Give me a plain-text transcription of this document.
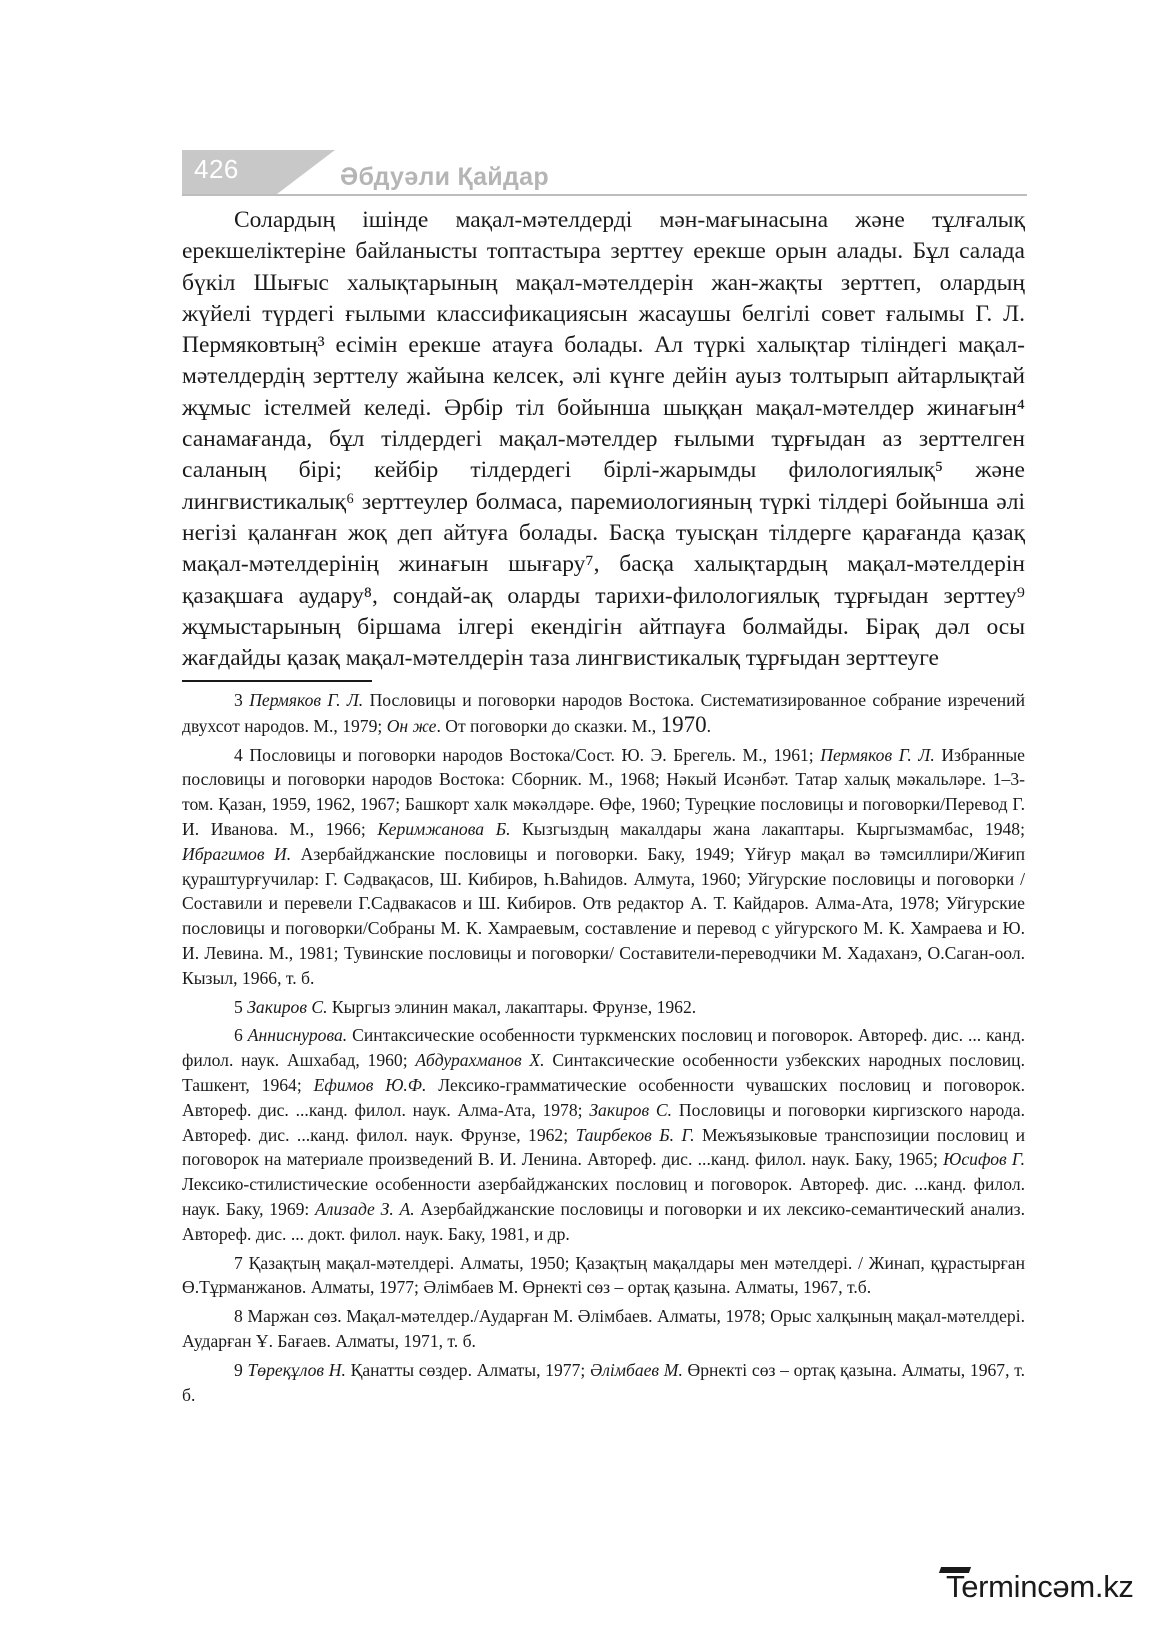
426	Әбдуәли Қайдар

Солардың ішінде мақал-мәтелдерді мән-мағынасына және тұлғалық ерекшеліктеріне байланысты топтастыра зерттеу ерекше орын алады. Бұл салада бүкіл Шығыс халықтарының мақал-мәтелдерін жан-жақты зерттеп, олардың жүйелі түрдегі ғылыми классификациясын жасаушы белгілі совет ғалымы Г. Л. Пермяковтың³ есімін ерекше атауға болады. Ал түркі халықтар тіліндегі мақал-мәтелдердің зерттелу жайына келсек, әлі күнге дейін ауыз толтырып айтарлықтай жұмыс істелмей келеді. Әрбір тіл бойынша шыққан мақал-мәтелдер жинағын⁴ санамағанда, бұл тілдердегі мақал-мәтелдер ғылыми тұрғыдан аз зерттелген саланың бірі; кейбір тілдердегі бірлі-жарымды филологиялық⁵ және лингвистикалық⁶ зерттеулер болмаса, паремиологияның түркі тілдері бойынша әлі негізі қаланған жоқ деп айтуға болады. Басқа туысқан тілдерге қарағанда қазақ мақал-мәтелдерінің жинағын шығару⁷, басқа халықтардың мақал-мәтелдерін қазақшаға аудару⁸, сондай-ақ оларды тарихи-филологиялық тұрғыдан зерттеу⁹ жұмыстарының біршама ілгері екендігін айтпауға болмайды. Бірақ дәл осы жағдайды қазақ мақал-мәтелдерін таза лингвистикалық тұрғыдан зерттеуге

3 Пермяков Г. Л. Пословицы и поговорки народов Востока. Систематизированное собрание изречений двухсот народов. М., 1979; Он же. От поговорки до сказки. М., 1970.

4 Пословицы и поговорки народов Востока/Сост. Ю. Э. Брегель. М., 1961; Пермяков Г. Л. Избранные пословицы и поговорки народов Востока: Сборник. М., 1968; Нәкый Исәнбәт. Татар халық мәкальләре. 1–3-том. Қазан, 1959, 1962, 1967; Башкорт халк мәкәлдәре. Өфе, 1960; Турецкие пословицы и поговорки/Перевод Г. И. Иванова. М., 1966; Керимжанова Б. Кызгыздың макалдары жана лакаптары. Кыргызмамбас, 1948; Ибрагимов И. Азербайджанские пословицы и поговорки. Баку, 1949; Үйғур мақал вә тәмсиллири/Жиғип қураштурғучилар: Г. Сәдвақасов, Ш. Кибиров, Һ.Ваһидов. Алмута, 1960; Уйгурские пословицы и поговорки /Составили и перевели Г.Садвакасов и Ш. Кибиров. Отв редактор А. Т. Кайдаров. Алма-Ата, 1978; Уйгурские пословицы и поговорки/Собраны М. К. Хамраевым, составление и перевод с уйгурского М. К. Хамраева и Ю. И. Левина. М., 1981; Тувинские пословицы и поговорки/ Составители-переводчики М. Хадаханэ, О.Саган-оол. Кызыл, 1966, т. б.

5 Закиров С. Кыргыз элинин макал, лакаптары. Фрунзе, 1962.

6 Анниснурова. Синтаксические особенности туркменских пословиц и поговорок. Автореф. дис. ... канд. филол. наук. Ашхабад, 1960; Абдурахманов Х. Синтаксические особенности узбекских народных пословиц. Ташкент, 1964; Ефимов Ю.Ф. Лексико-грамматические особенности чувашских пословиц и поговорок. Автореф. дис. ...канд. филол. наук. Алма-Ата, 1978; Закиров С. Пословицы и поговорки киргизского народа. Автореф. дис. ...канд. филол. наук. Фрунзе, 1962; Таирбеков Б. Г. Межъязыковые транспозиции пословиц и поговорок на материале произведений В. И. Ленина. Автореф. дис. ...канд. филол. наук. Баку, 1965; Юсифов Г. Лексико-стилистические особенности азербайджанских пословиц и поговорок. Автореф. дис. ...канд. филол. наук. Баку, 1969: Ализаде З. А. Азербайджанские пословицы и поговорки и их лексико-семантический анализ. Автореф. дис. ... докт. филол. наук. Баку, 1981, и др.

7 Қазақтың мақал-мәтелдері. Алматы, 1950; Қазақтың мақалдары мен мәтелдері. / Жинап, құрастырған Ө.Тұрманжанов. Алматы, 1977; Әлімбаев М. Өрнекті сөз – ортақ қазына. Алматы, 1967, т.б.

8 Маржан сөз. Мақал-мәтелдер./Аударған М. Әлімбаев. Алматы, 1978; Орыс халқының мақал-мәтелдері. Аударған Ұ. Бағаев. Алматы, 1971, т. б.

9 Төреқұлов Н. Қанатты сөздер. Алматы, 1977; Әлімбаев М. Өрнекті сөз – ортақ қазына. Алматы, 1967, т. б.

Termincәm.kz
